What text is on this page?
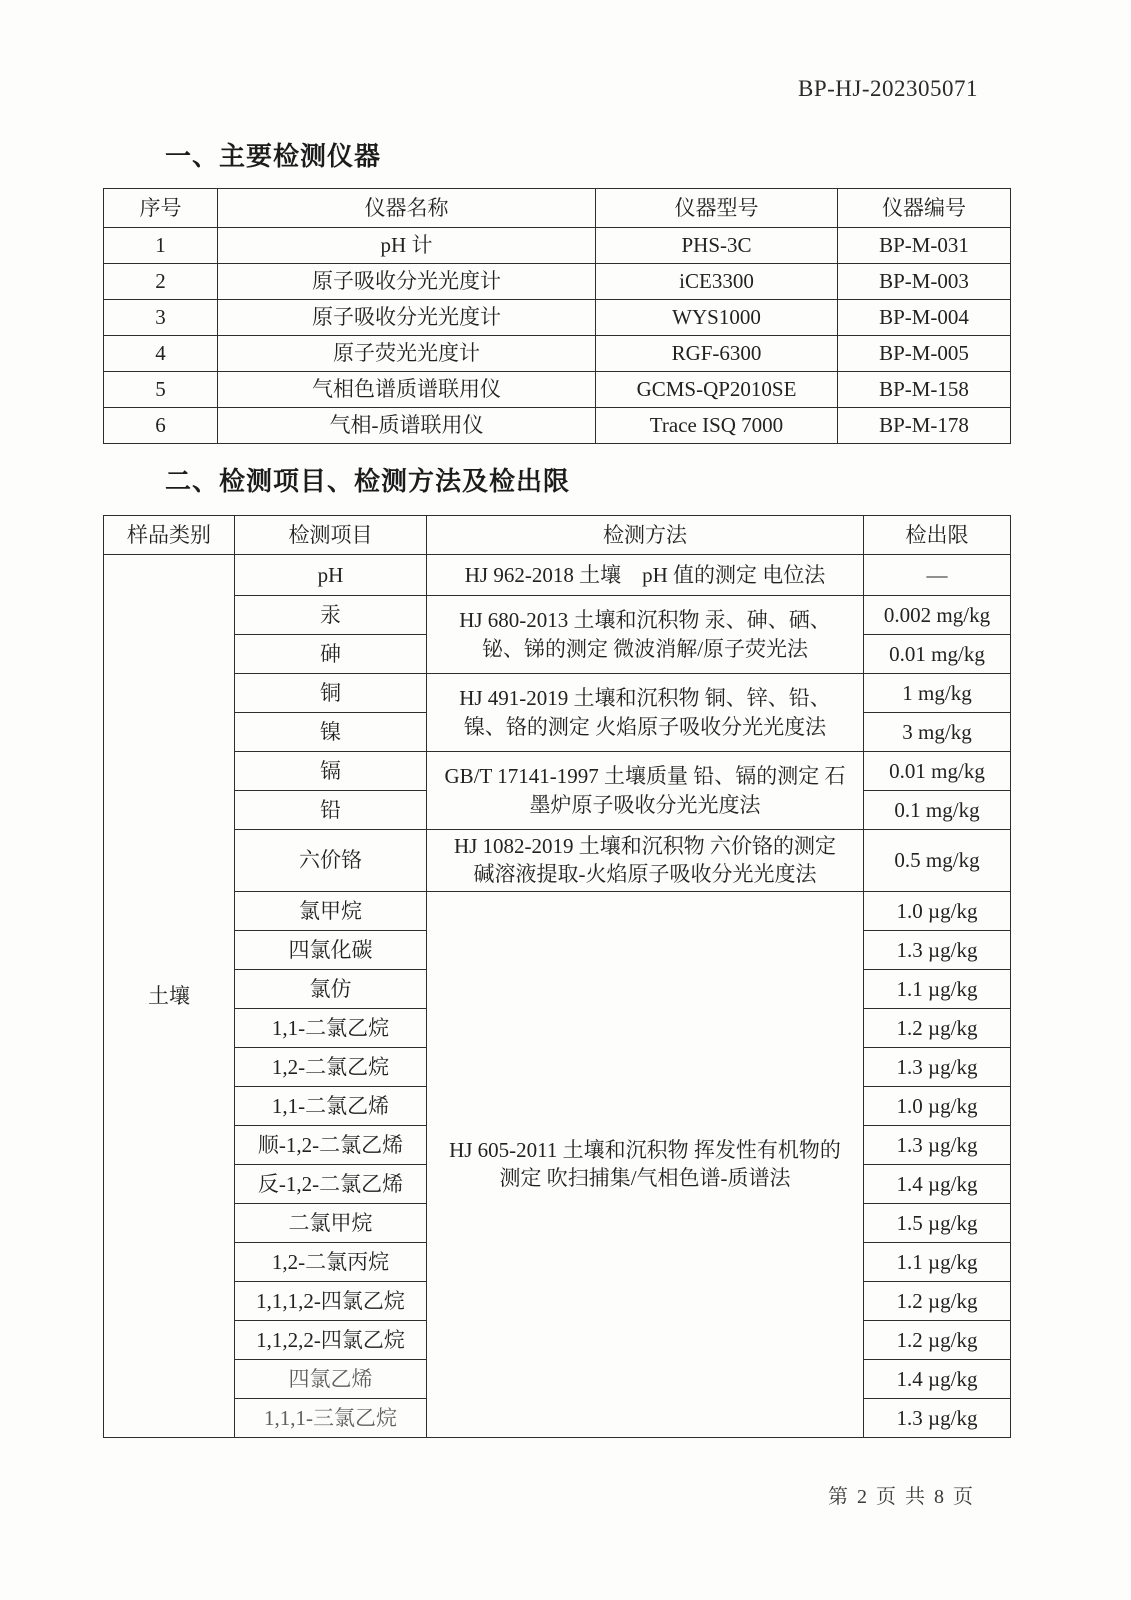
BP-HJ-202305071
一、主要检测仪器
序号	仪器名称	仪器型号	仪器编号
1	pH 计	PHS-3C	BP-M-031
2	原子吸收分光光度计	iCE3300	BP-M-003
3	原子吸收分光光度计	WYS1000	BP-M-004
4	原子荧光光度计	RGF-6300	BP-M-005
5	气相色谱质谱联用仪	GCMS-QP2010SE	BP-M-158
6	气相-质谱联用仪	Trace ISQ 7000	BP-M-178
二、检测项目、检测方法及检出限
样品类别	检测项目	检测方法	检出限
土壤	pH	HJ 962-2018 土壤　pH 值的测定 电位法	—
	汞	HJ 680-2013 土壤和沉积物 汞、砷、硒、铋、锑的测定 微波消解/原子荧光法	0.002 mg/kg
	砷		0.01 mg/kg
	铜	HJ 491-2019 土壤和沉积物 铜、锌、铅、镍、铬的测定 火焰原子吸收分光光度法	1 mg/kg
	镍		3 mg/kg
	镉	GB/T 17141-1997 土壤质量 铅、镉的测定 石墨炉原子吸收分光光度法	0.01 mg/kg
	铅		0.1 mg/kg
	六价铬	HJ 1082-2019 土壤和沉积物 六价铬的测定 碱溶液提取-火焰原子吸收分光光度法	0.5 mg/kg
	氯甲烷	HJ 605-2011 土壤和沉积物 挥发性有机物的测定 吹扫捕集/气相色谱-质谱法	1.0 µg/kg
	四氯化碳		1.3 µg/kg
	氯仿		1.1 µg/kg
	1,1-二氯乙烷		1.2 µg/kg
	1,2-二氯乙烷		1.3 µg/kg
	1,1-二氯乙烯		1.0 µg/kg
	顺-1,2-二氯乙烯		1.3 µg/kg
	反-1,2-二氯乙烯		1.4 µg/kg
	二氯甲烷		1.5 µg/kg
	1,2-二氯丙烷		1.1 µg/kg
	1,1,1,2-四氯乙烷		1.2 µg/kg
	1,1,2,2-四氯乙烷		1.2 µg/kg
	四氯乙烯		1.4 µg/kg
	1,1,1-三氯乙烷		1.3 µg/kg
第 2 页 共 8 页
